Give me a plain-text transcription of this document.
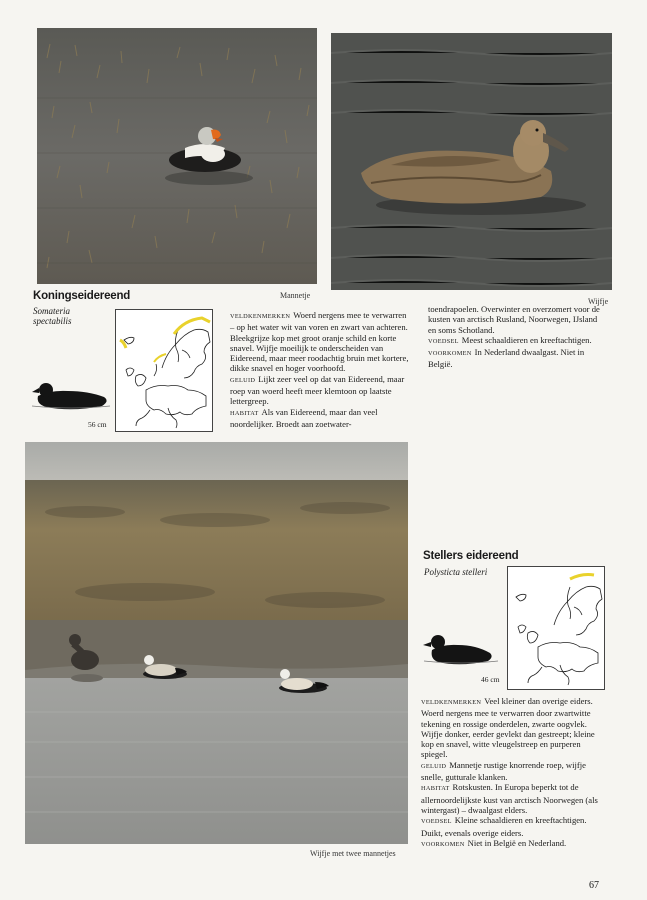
Mannetje
Wijfje
Koningseidereend
Somateria
spectabilis
56 cm

VELDKENMERKEN Woerd nergens mee te verwarren – op het water wit van voren en zwart van achteren. Bleekgrijze kop met groot oranje schild en korte snavel. Wijfje moeilijk te onderscheiden van Eidereend, maar meer roodachtig bruin met kortere, dikke snavel en hoger voorhoofd.

GELUID Lijkt zeer veel op dat van Eidereend, maar roep van woerd heeft meer klemtoon op laatste lettergreep.

HABITAT Als van Eidereend, maar dan veel noordelijker. Broedt aan zoetwater-

toendrapoelen. Overwinter en overzomert voor de kusten van arctisch Rusland, Noorwegen, IJsland en soms Schotland.

VOEDSEL Meest schaaldieren en kreeftachtigen.

VOORKOMEN In Nederland dwaalgast. Niet in België.

Wijfje met twee mannetjes
Stellers eidereend
Polysticta stelleri
46 cm

VELDKENMERKEN Veel kleiner dan overige eiders. Woerd nergens mee te verwarren door zwartwitte tekening en rossige onderdelen, zwarte oogvlek. Wijfje donker, eerder gevlekt dan gestreept; kleine kop en snavel, witte vleugelstreep en purperen spiegel.

GELUID Mannetje rustige knorrende roep, wijfje snelle, gutturale klanken.

HABITAT Rotskusten. In Europa beperkt tot de allernoordelijkste kust van arctisch Noorwegen (als wintergast) – dwaalgast elders.

VOEDSEL Kleine schaaldieren en kreeftachtigen. Duikt, evenals overige eiders.

VOORKOMEN Niet in België en Nederland.

67
